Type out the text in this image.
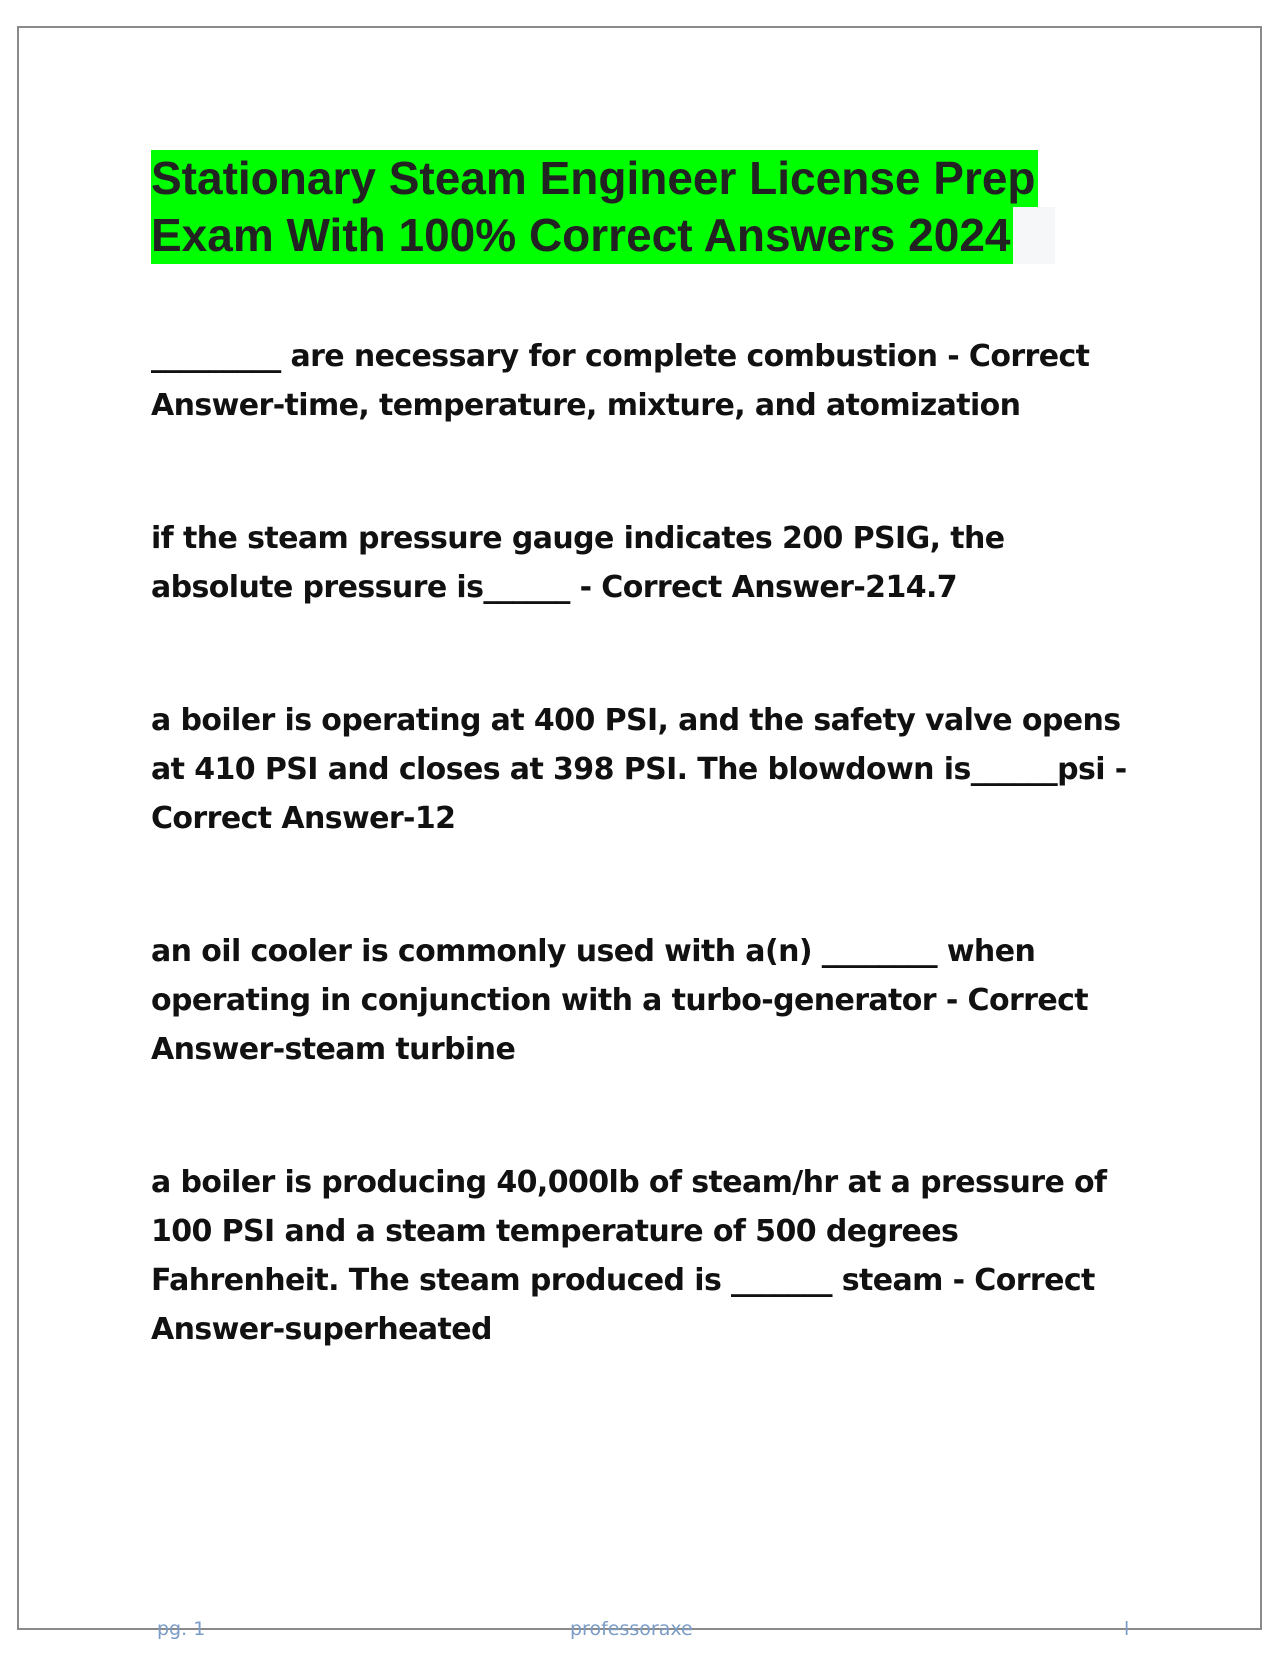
Stationary Steam Engineer License Prep
Exam With 100% Correct Answers 2024

_________ are necessary for complete combustion - Correct Answer-time, temperature, mixture, and atomization

if the steam pressure gauge indicates 200 PSIG, the absolute pressure is______ - Correct Answer-214.7

a boiler is operating at 400 PSI, and the safety valve opens at 410 PSI and closes at 398 PSI. The blowdown is______psi - Correct Answer-12

an oil cooler is commonly used with a(n) ________ when operating in conjunction with a turbo-generator - Correct Answer-steam turbine

a boiler is producing 40,000lb of steam/hr at a pressure of 100 PSI and a steam temperature of 500 degrees Fahrenheit. The steam produced is _______ steam - Correct Answer-superheated

pg. 1	professoraxe	l
